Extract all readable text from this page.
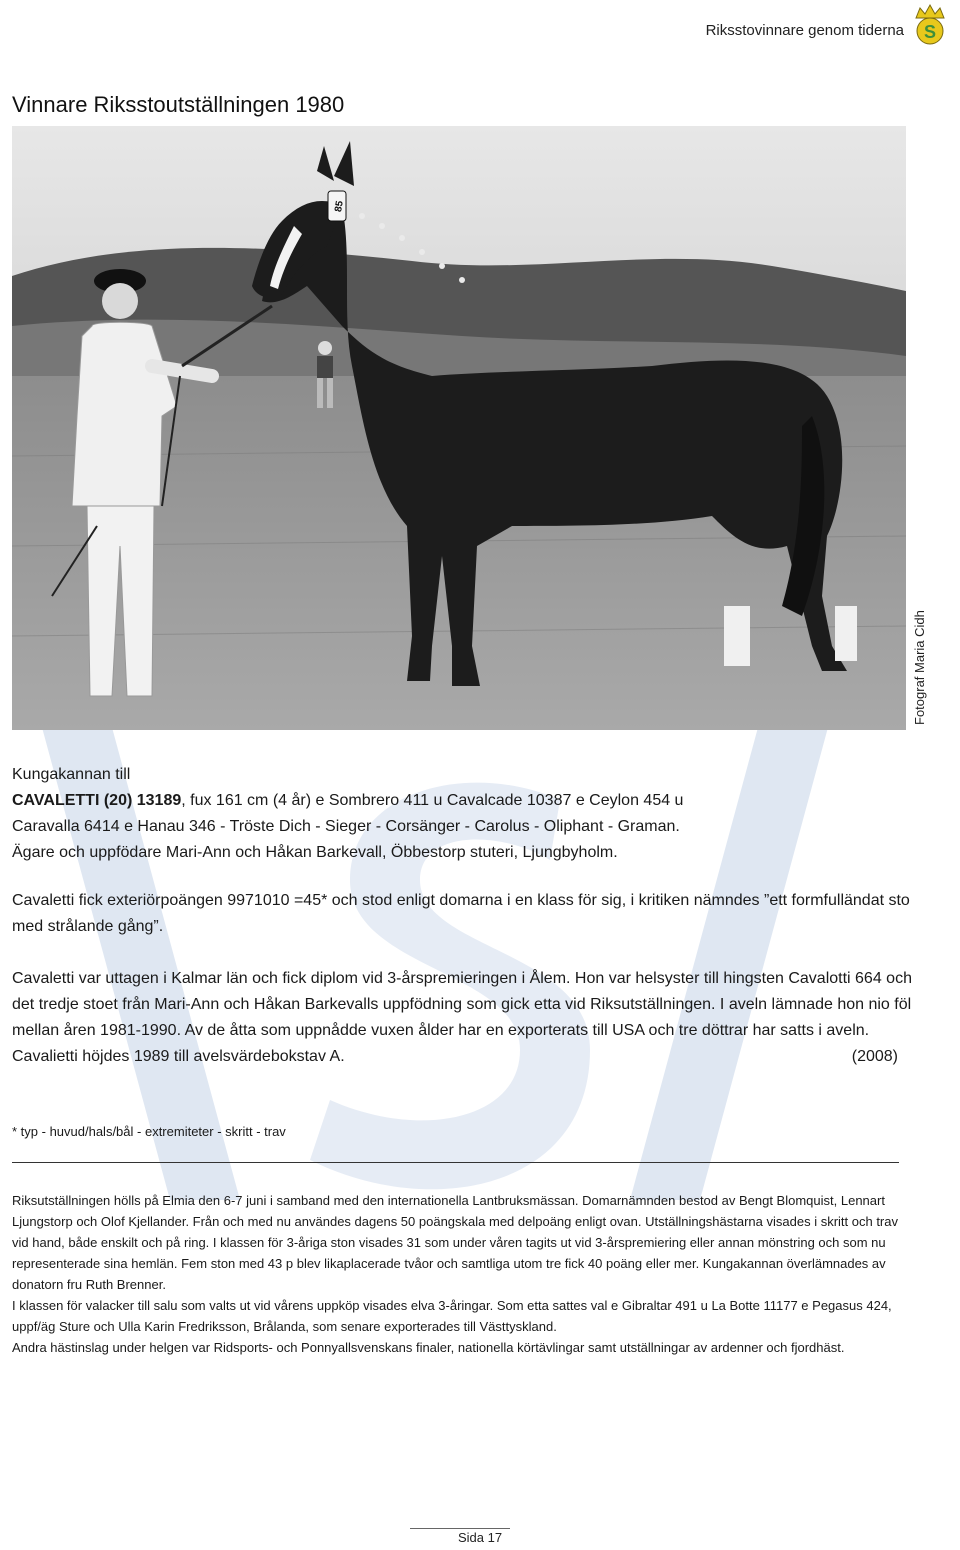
Riksstovinnare genom tiderna S
Vinnare Riksstoutställningen 1980
85
Fotograf Maria Cidh
Kungakannan till
CAVALETTI (20) 13189, fux 161 cm (4 år) e Sombrero 411 u Cavalcade 10387 e Ceylon 454 u
Caravalla 6414 e Hanau 346 - Tröste Dich - Sieger - Corsänger - Carolus - Oliphant - Graman.
Ägare och uppfödare Mari-Ann och Håkan Barkevall, Öbbestorp stuteri, Ljungbyholm.
Cavaletti fick exteriörpoängen 9971010 =45* och stod enligt domarna i en klass för sig, i kritiken nämndes ”ett formfulländat sto med strålande gång”.
Cavaletti var uttagen i Kalmar län och fick diplom vid 3-årspremieringen i Ålem. Hon var helsyster till hingsten Cavalotti 664 och det tredje stoet från Mari-Ann och Håkan Barkevalls uppfödning som gick etta vid Riksutställningen. I aveln lämnade hon nio föl mellan åren 1981-1990. Av de åtta som uppnådde vuxen ålder har en exporterats till USA och tre döttrar har satts i aveln.
Cavalietti höjdes 1989 till avelsvärdebokstav A.	(2008)
* typ - huvud/hals/bål - extremiteter - skritt - trav
Riksutställningen hölls på Elmia den 6-7 juni i samband med den internationella Lantbruksmässan. Domarnämnden bestod av Bengt Blomquist, Lennart Ljungstorp och Olof Kjellander. Från och med nu användes dagens 50 poängskala med delpoäng enligt ovan. Utställningshästarna visades i skritt och trav vid hand, både enskilt och på ring. I klassen för 3-åriga ston visades 31 som under våren tagits ut vid 3-årspremiering eller annan mönstring och som nu representerade sina hemlän. Fem ston med 43 p blev likaplacerade tvåor och samtliga utom tre fick 40 poäng eller mer. Kungakannan överlämnades av donatorn fru Ruth Brenner.
I klassen för valacker till salu som valts ut vid vårens uppköp visades elva 3-åringar. Som etta sattes val e Gibraltar 491 u La Botte 11177 e Pegasus 424, uppf/äg Sture och Ulla Karin Fredriksson, Brålanda, som senare exporterades till Västtyskland.
Andra hästinslag under helgen var Ridsports- och Ponnyallsvenskans finaler, nationella körtävlingar samt utställningar av ardenner och fjordhäst.
Sida 17
